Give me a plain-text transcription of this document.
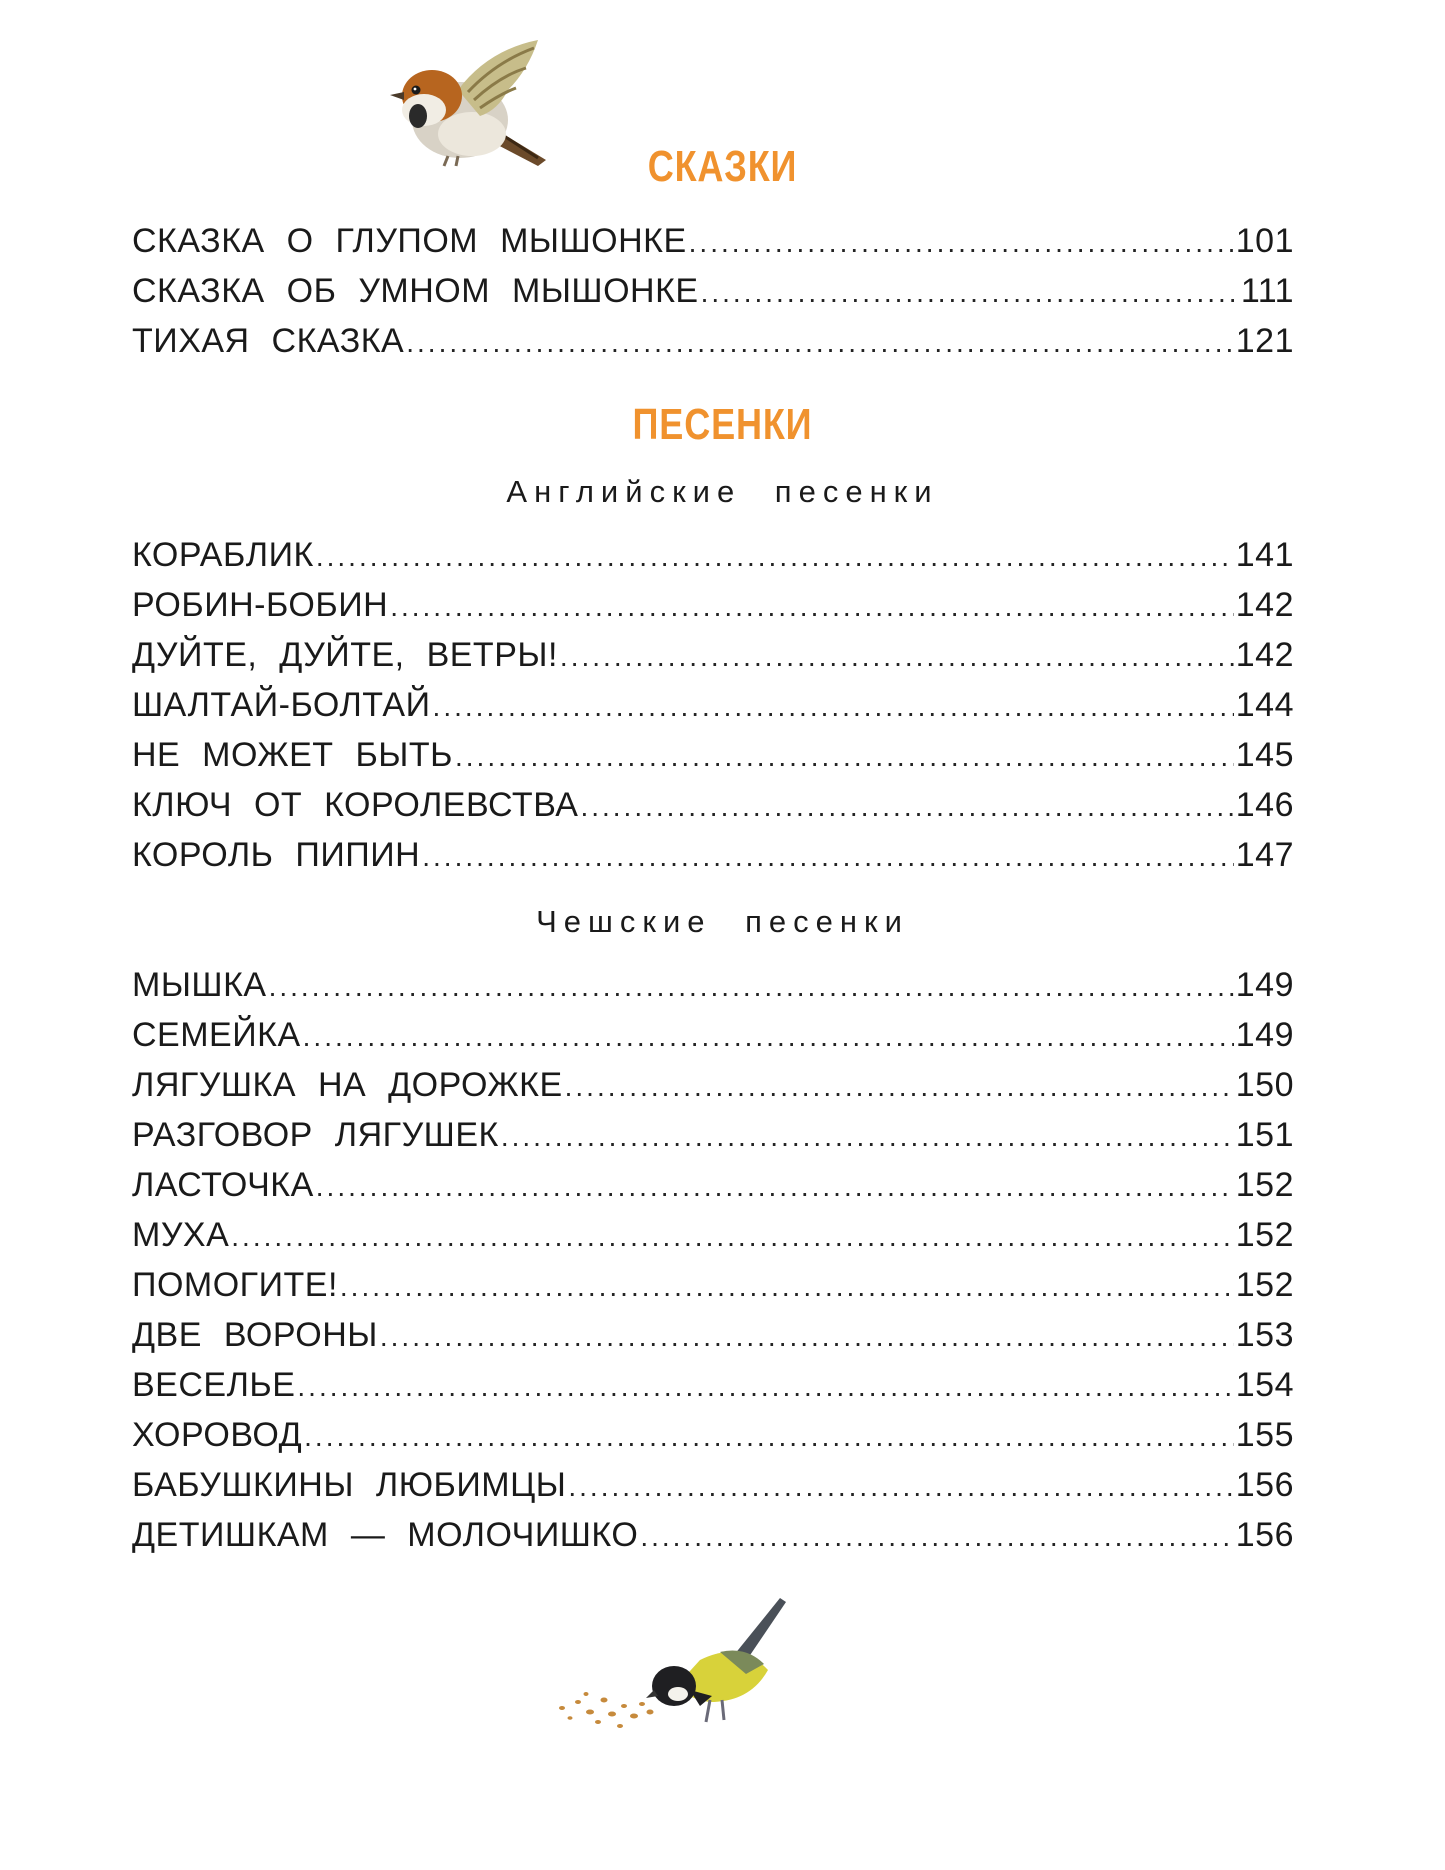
СКАЗКИ
СКАЗКА О ГЛУПОМ МЫШОНКЕ .....	101
СКАЗКА ОБ УМНОМ МЫШОНКЕ .....	111
ТИХАЯ СКАЗКА .....	121
ПЕСЕНКИ
Английские песенки
КОРАБЛИК .....	141
РОБИН-БОБИН .....	142
ДУЙТЕ, ДУЙТЕ, ВЕТРЫ! .....	142
ШАЛТАЙ-БОЛТАЙ .....	144
НЕ МОЖЕТ БЫТЬ .....	145
КЛЮЧ ОТ КОРОЛЕВСТВА .....	146
КОРОЛЬ ПИПИН .....	147
Чешские песенки
МЫШКА .....	149
СЕМЕЙКА .....	149
ЛЯГУШКА НА ДОРОЖКЕ .....	150
РАЗГОВОР ЛЯГУШЕК .....	151
ЛАСТОЧКА .....	152
МУХА .....	152
ПОМОГИТЕ! .....	152
ДВЕ ВОРОНЫ .....	153
ВЕСЕЛЬЕ .....	154
ХОРОВОД .....	155
БАБУШКИНЫ ЛЮБИМЦЫ .....	156
ДЕТИШКАМ — МОЛОЧИШКО .....	156
